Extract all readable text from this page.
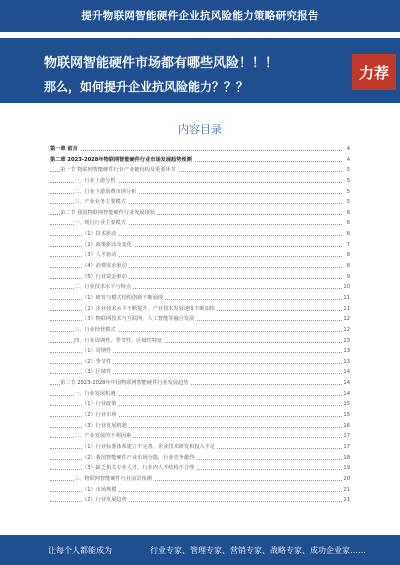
提升物联网智能硬件企业抗风险能力策略研究报告
物联网智能硬件市场都有哪些风险！！！
那么，如何提升企业抗风险能力？？？
力荐
内容目录
第一章 前言	4
第二章 2023-2028年物联网智能硬件行业市场发展趋势预测	4
第一节 物联网智能硬件行业产业链结构及重要环节	5
一、行业上游分析	5
二、行业下游消费市场分析	5
三、产业业务主要模式	5
第二节 我国物联网智能硬件行业发展现状	6
一、现行行业主要模式	6
（1）技术驱动	6
（2）政策驱动及变化	7
（3）人才驱动	8
（4）消费需求驱动	8
（5）行业资金驱动	9
二、行业技术水平与特点	10
（1）研发与模式结构创新不断涌现	11
（2）企业技术水平不断提升，产业技术发展速度不断加快	11
（3）物联网技术与互联网、人工智能等融合发展	12
三、行业经营模式	12
四、行业周期性、季节性、区域性特征	13
（1）周期性	13
（2）季节性	13
（3）区域性	14
第三节 2023-2028年中国物联网智能硬件行业发展趋势	14
一、行业发展机遇	14
（1）行业政策	15
（2）行业市场	15
（3）行业发展机遇	16
二、产业发展的不利因素	17
（1）行业标准体系建立不完善，企业技术研发和投入不足	17
（2）我国智能硬件产业市场分散，行业竞争激烈	18
（3）缺乏相关专业人才，行业内人才结构不合理	19
三、物联网智能硬件行业前景预测	20
（1）市场规模	21
（2）行业发展趋势	21
让每个人都能成为	行业专家、管理专家、营销专家、战略专家、成功企业家……
